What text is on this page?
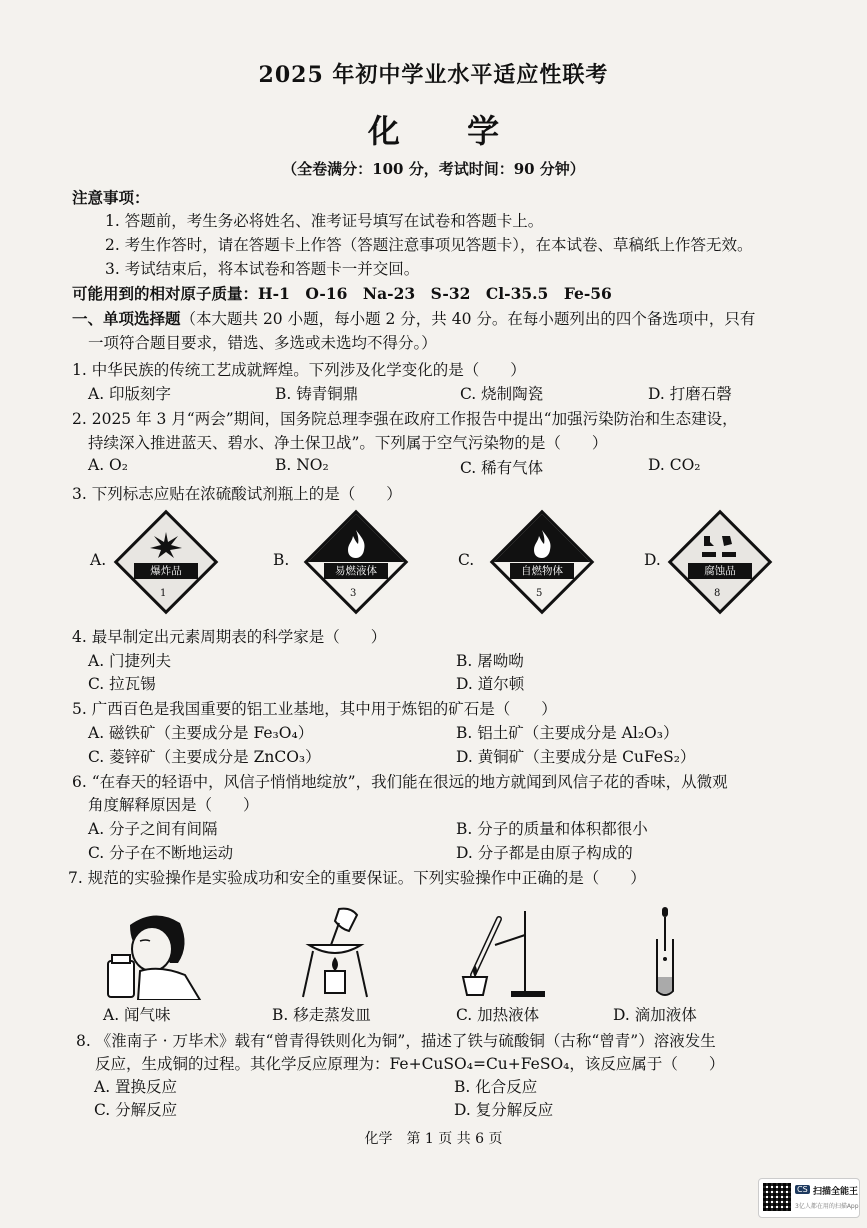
2025 年初中学业水平适应性联考
化 学
（全卷满分：100 分，考试时间：90 分钟）
注意事项：
1. 答题前，考生务必将姓名、准考证号填写在试卷和答题卡上。
2. 考生作答时，请在答题卡上作答（答题注意事项见答题卡），在本试卷、草稿纸上作答无效。
3. 考试结束后，将本试卷和答题卡一并交回。
可能用到的相对原子质量：H-1　O-16　Na-23　S-32　Cl-35.5　Fe-56
一、单项选择题（本大题共 20 小题，每小题 2 分，共 40 分。在每小题列出的四个备选项中，只有
一项符合题目要求，错选、多选或未选均不得分。）
1. 中华民族的传统工艺成就辉煌。下列涉及化学变化的是（　　）
A. 印版刻字	B. 铸青铜鼎	C. 烧制陶瓷	D. 打磨石磬
2. 2025 年 3 月“两会”期间，国务院总理李强在政府工作报告中提出“加强污染防治和生态建设，
持续深入推进蓝天、碧水、净土保卫战”。下列属于空气污染物的是（　　）
A. O₂	B. NO₂	C. 稀有气体	D. CO₂
3. 下列标志应贴在浓硫酸试剂瓶上的是（　　）
A.	B.	C.	D.
爆炸品
1
易燃液体
3
自燃物体
5
腐蚀品
8
4. 最早制定出元素周期表的科学家是（　　）
A. 门捷列夫	B. 屠呦呦
C. 拉瓦锡	D. 道尔顿
5. 广西百色是我国重要的铝工业基地，其中用于炼铝的矿石是（　　）
A. 磁铁矿（主要成分是 Fe₃O₄）	B. 铝土矿（主要成分是 Al₂O₃）
C. 菱锌矿（主要成分是 ZnCO₃）	D. 黄铜矿（主要成分是 CuFeS₂）
6. “在春天的轻语中，风信子悄悄地绽放”，我们能在很远的地方就闻到风信子花的香味，从微观
角度解释原因是（　　）
A. 分子之间有间隔	B. 分子的质量和体积都很小
C. 分子在不断地运动	D. 分子都是由原子构成的
7. 规范的实验操作是实验成功和安全的重要保证。下列实验操作中正确的是（　　）
A. 闻气味	B. 移走蒸发皿	C. 加热液体	D. 滴加液体
8. 《淮南子 · 万毕术》载有“曾青得铁则化为铜”，描述了铁与硫酸铜（古称“曾青”）溶液发生
反应，生成铜的过程。其化学反应原理为：Fe+CuSO₄=Cu+FeSO₄，该反应属于（　　）
A. 置换反应	B. 化合反应
C. 分解反应	D. 复分解反应
化学　第 1 页 共 6 页
CS 扫描全能王
3亿人都在用的扫描App
